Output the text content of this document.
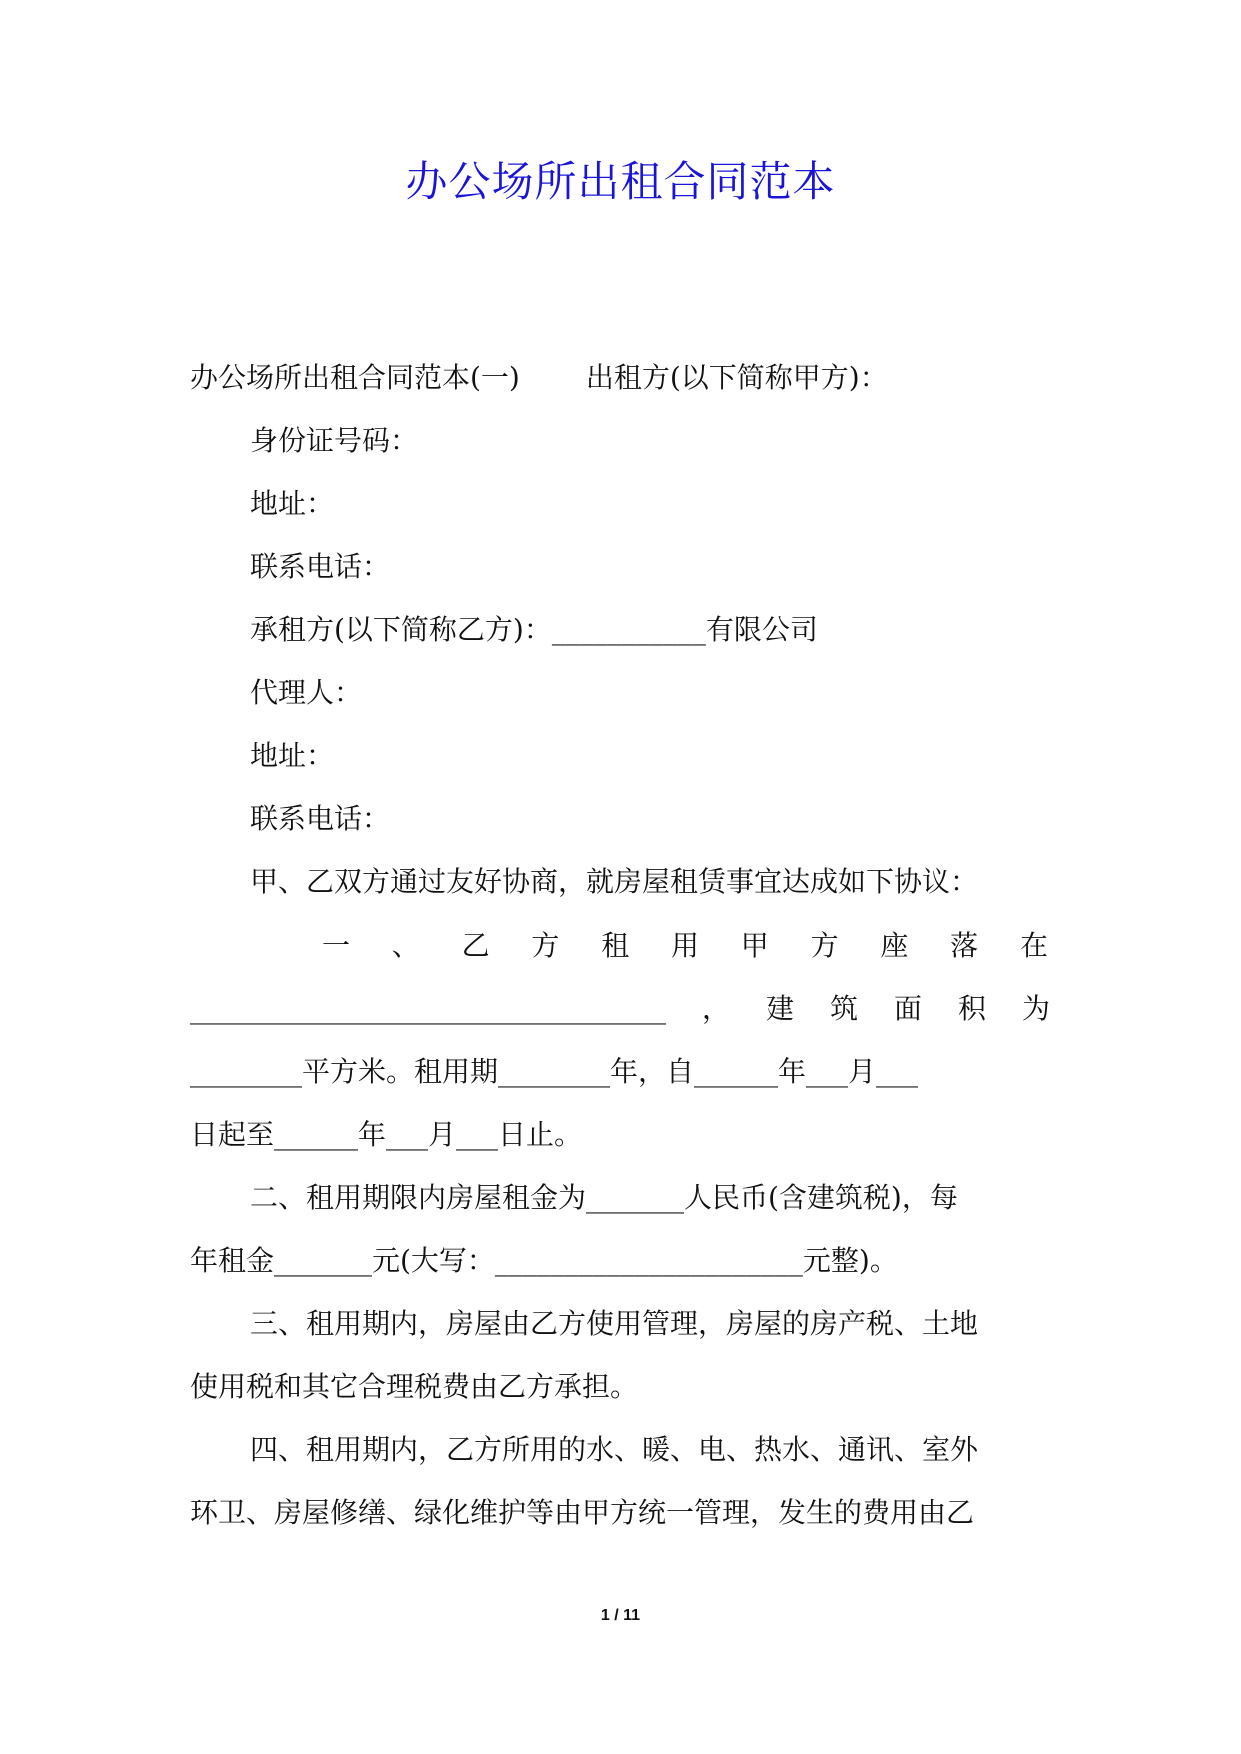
办公场所出租合同范本

办公场所出租合同范本(一) 出租方(以下简称甲方)：

身份证号码：

地址：

联系电话：

承租方(以下简称乙方)：___________有限公司

代理人：

地址：

联系电话：

甲、乙双方通过友好协商，就房屋租赁事宜达成如下协议：

一 、 乙 方 租 用 甲 方 座 落 在

__________________________________ ， 建 筑 面 积 为

________平方米。租用期________年，自______年___月___

日起至______年___月___日止。

二、租用期限内房屋租金为_______人民币(含建筑税)，每

年租金_______元(大写：______________________元整)。

三、租用期内，房屋由乙方使用管理，房屋的房产税、土地

使用税和其它合理税费由乙方承担。

四、租用期内，乙方所用的水、暖、电、热水、通讯、室外

环卫、房屋修缮、绿化维护等由甲方统一管理，发生的费用由乙

1 / 11
